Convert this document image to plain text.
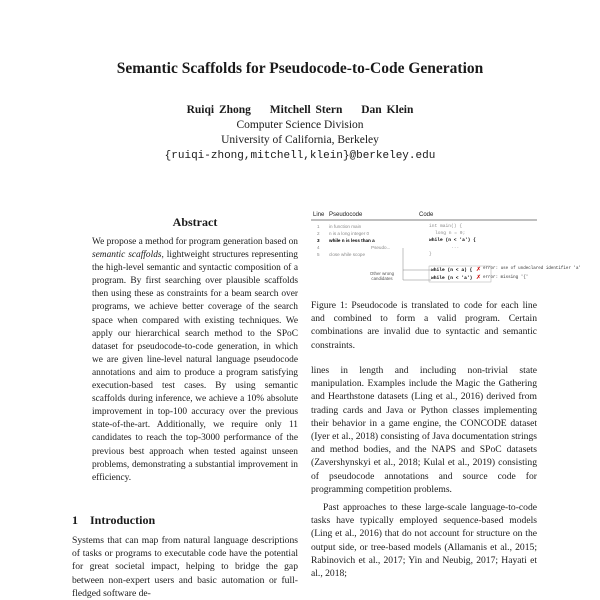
Semantic Scaffolds for Pseudocode-to-Code Generation
Ruiqi Zhong Mitchell Stern Dan Klein
Computer Science Division
University of California, Berkeley
{ruiqi-zhong,mitchell,klein}@berkeley.edu
Abstract
We propose a method for program generation based on semantic scaffolds, lightweight structures representing the high-level semantic and syntactic composition of a program. By first searching over plausible scaffolds then using these as constraints for a beam search over programs, we achieve better coverage of the search space when compared with existing techniques. We apply our hierarchical search method to the SPoC dataset for pseudocode-to-code generation, in which we are given line-level natural language pseudocode annotations and aim to produce a program satisfying execution-based test cases. By using semantic scaffolds during inference, we achieve a 10% absolute improvement in top-100 accuracy over the previous state-of-the-art. Additionally, we require only 11 candidates to reach the top-3000 performance of the previous best approach when tested against unseen problems, demonstrating a substantial improvement in efficiency.
1 Introduction
Systems that can map from natural language descriptions of tasks or programs to executable code have the potential for great societal impact, helping to bridge the gap between non-expert users and basic automation or full-fledged software de-
Line Pseudocode	Code
1 in function main	int main() {
2 n is a long integer 0	long n = 0;
3 while n is less than a	while (n < 'a') {
4	Pseudo...	...
5 close while scope	}
Other wrong candidates
while (n < a) { ✗ error: use of undeclared identifier 'a'
while (n < 'a') ✗ error: missing '{'
Figure 1: Pseudocode is translated to code for each line and combined to form a valid program. Certain combinations are invalid due to syntactic and semantic constraints.

lines in length and including non-trivial state manipulation. Examples include the Magic the Gathering and Hearthstone datasets (Ling et al., 2016) derived from trading cards and Java or Python classes implementing their behavior in a game engine, the CONCODE dataset (Iyer et al., 2018) consisting of Java documentation strings and method bodies, and the NAPS and SPoC datasets (Zavershynskyi et al., 2018; Kulal et al., 2019) consisting of pseudocode annotations and source code for programming competition problems.

Past approaches to these large-scale language-to-code tasks have typically employed sequence-based models (Ling et al., 2016) that do not account for structure on the output side, or tree-based models (Allamanis et al., 2015; Rabinovich et al., 2017; Yin and Neubig, 2017; Hayati et al., 2018;
